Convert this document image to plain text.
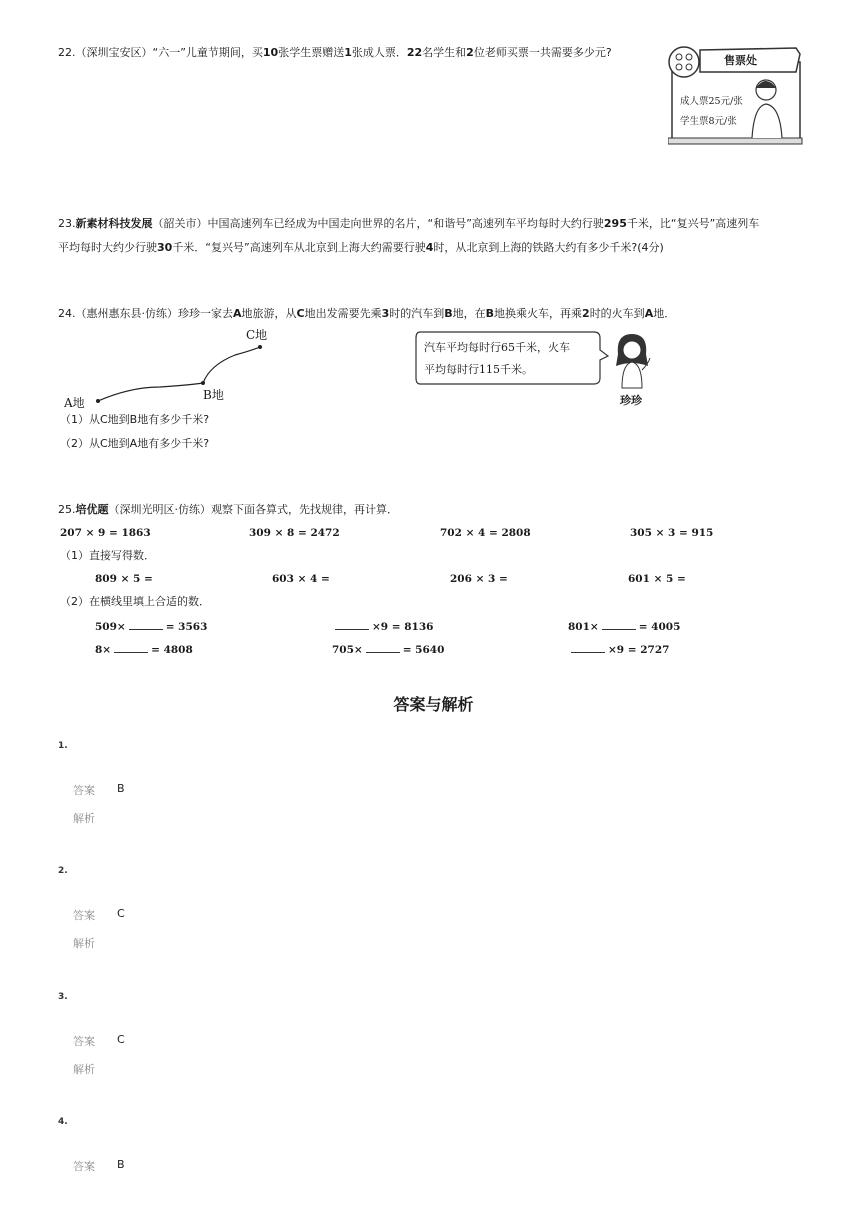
22.（深圳宝安区）“六一”儿童节期间，买10张学生票赠送1张成人票．22名学生和2位老师买票一共需要多少元?
售票处
成人票25元/张
学生票8元/张
23.新素材科技发展（韶关市）中国高速列车已经成为中国走向世界的名片，“和谐号”高速列车平均每时大约行驶295千米，比“复兴号”高速列车
平均每时大约少行驶30千米．“复兴号”高速列车从北京到上海大约需要行驶4时，从北京到上海的铁路大约有多少千米?(4分)
24.（惠州惠东县·仿练）珍珍一家去A地旅游，从C地出发需要先乘3时的汽车到B地，在B地换乘火车，再乘2时的火车到A地．
C地
B地
A地
汽车平均每时行65千米，火车
平均每时行115千米。
珍珍
（1）从C地到B地有多少千米?
（2）从C地到A地有多少千米?
25.培优题（深圳光明区·仿练）观察下面各算式，先找规律，再计算．
207 × 9 = 1863	309 × 8 = 2472	702 × 4 = 2808	305 × 3 = 915
（1）直接写得数．
809 × 5 =	603 × 4 =	206 × 3 =	601 × 5 =
（2）在横线里填上合适的数．
509×	= 3563	×9 = 8136	801×	= 4005
8×	= 4808	705×	= 5640	×9 = 2727
答案与解析
1.
答案 B
解析
2.
答案 C
解析
3.
答案 C
解析
4.
答案 B
